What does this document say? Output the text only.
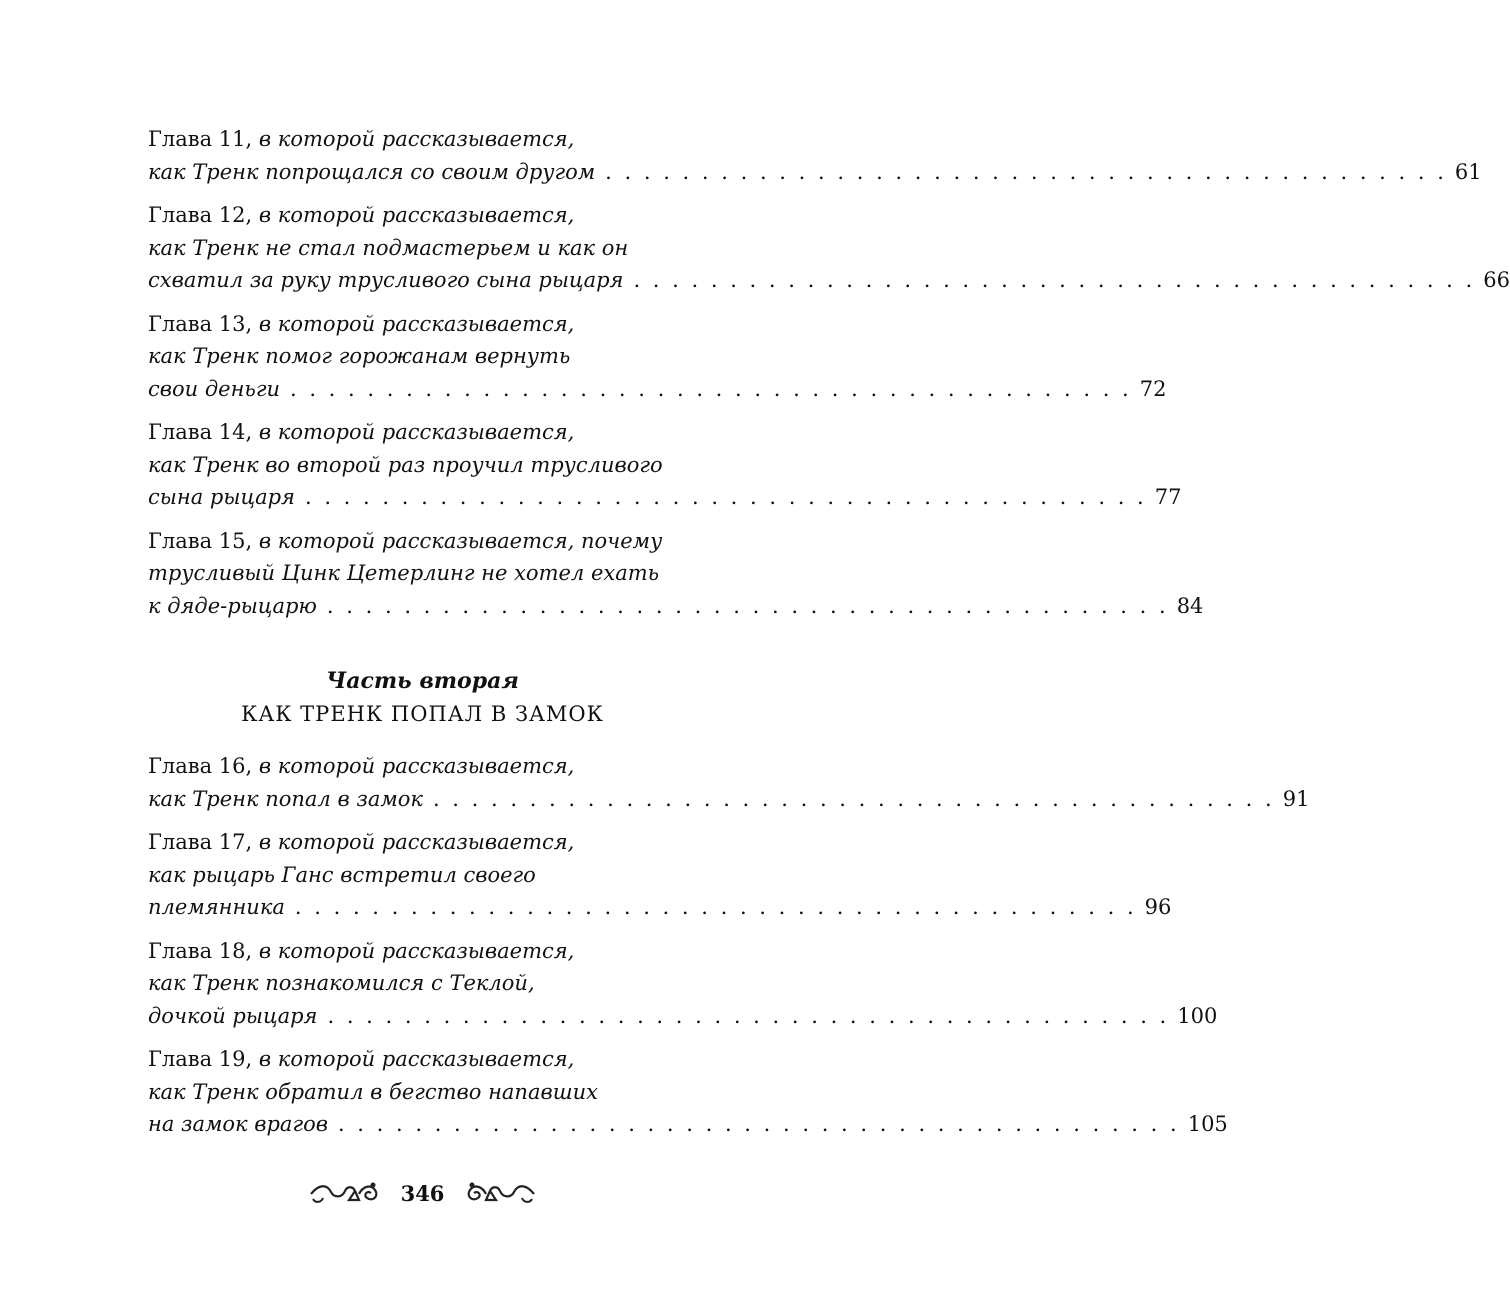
Глава 11, в которой рассказывается,
как Тренк попрощался со своим другом . . . . . . . . . . . . . . . . . . . . . . . . . . . . . . . . . . . . . . . . . . . . 61
Глава 12, в которой рассказывается,
как Тренк не стал подмастерьем и как он
схватил за руку трусливого сына рыцаря . . . . . . . . . . . . . . . . . . . . . . . . . . . . . . . . . . . . . . . . . . . . 66
Глава 13, в которой рассказывается,
как Тренк помог горожанам вернуть
свои деньги . . . . . . . . . . . . . . . . . . . . . . . . . . . . . . . . . . . . . . . . . . . . 72
Глава 14, в которой рассказывается,
как Тренк во второй раз проучил трусливого
сына рыцаря . . . . . . . . . . . . . . . . . . . . . . . . . . . . . . . . . . . . . . . . . . . . 77
Глава 15, в которой рассказывается, почему
трусливый Цинк Цетерлинг не хотел ехать
к дяде-рыцарю . . . . . . . . . . . . . . . . . . . . . . . . . . . . . . . . . . . . . . . . . . . . 84
Часть вторая
КАК ТРЕНК ПОПАЛ В ЗАМОК
Глава 16, в которой рассказывается,
как Тренк попал в замок . . . . . . . . . . . . . . . . . . . . . . . . . . . . . . . . . . . . . . . . . . . . 91
Глава 17, в которой рассказывается,
как рыцарь Ганс встретил своего
племянника . . . . . . . . . . . . . . . . . . . . . . . . . . . . . . . . . . . . . . . . . . . . 96
Глава 18, в которой рассказывается,
как Тренк познакомился с Теклой,
дочкой рыцаря . . . . . . . . . . . . . . . . . . . . . . . . . . . . . . . . . . . . . . . . . . . . 100
Глава 19, в которой рассказывается,
как Тренк обратил в бегство напавших
на замок врагов . . . . . . . . . . . . . . . . . . . . . . . . . . . . . . . . . . . . . . . . . . . . 105
346
